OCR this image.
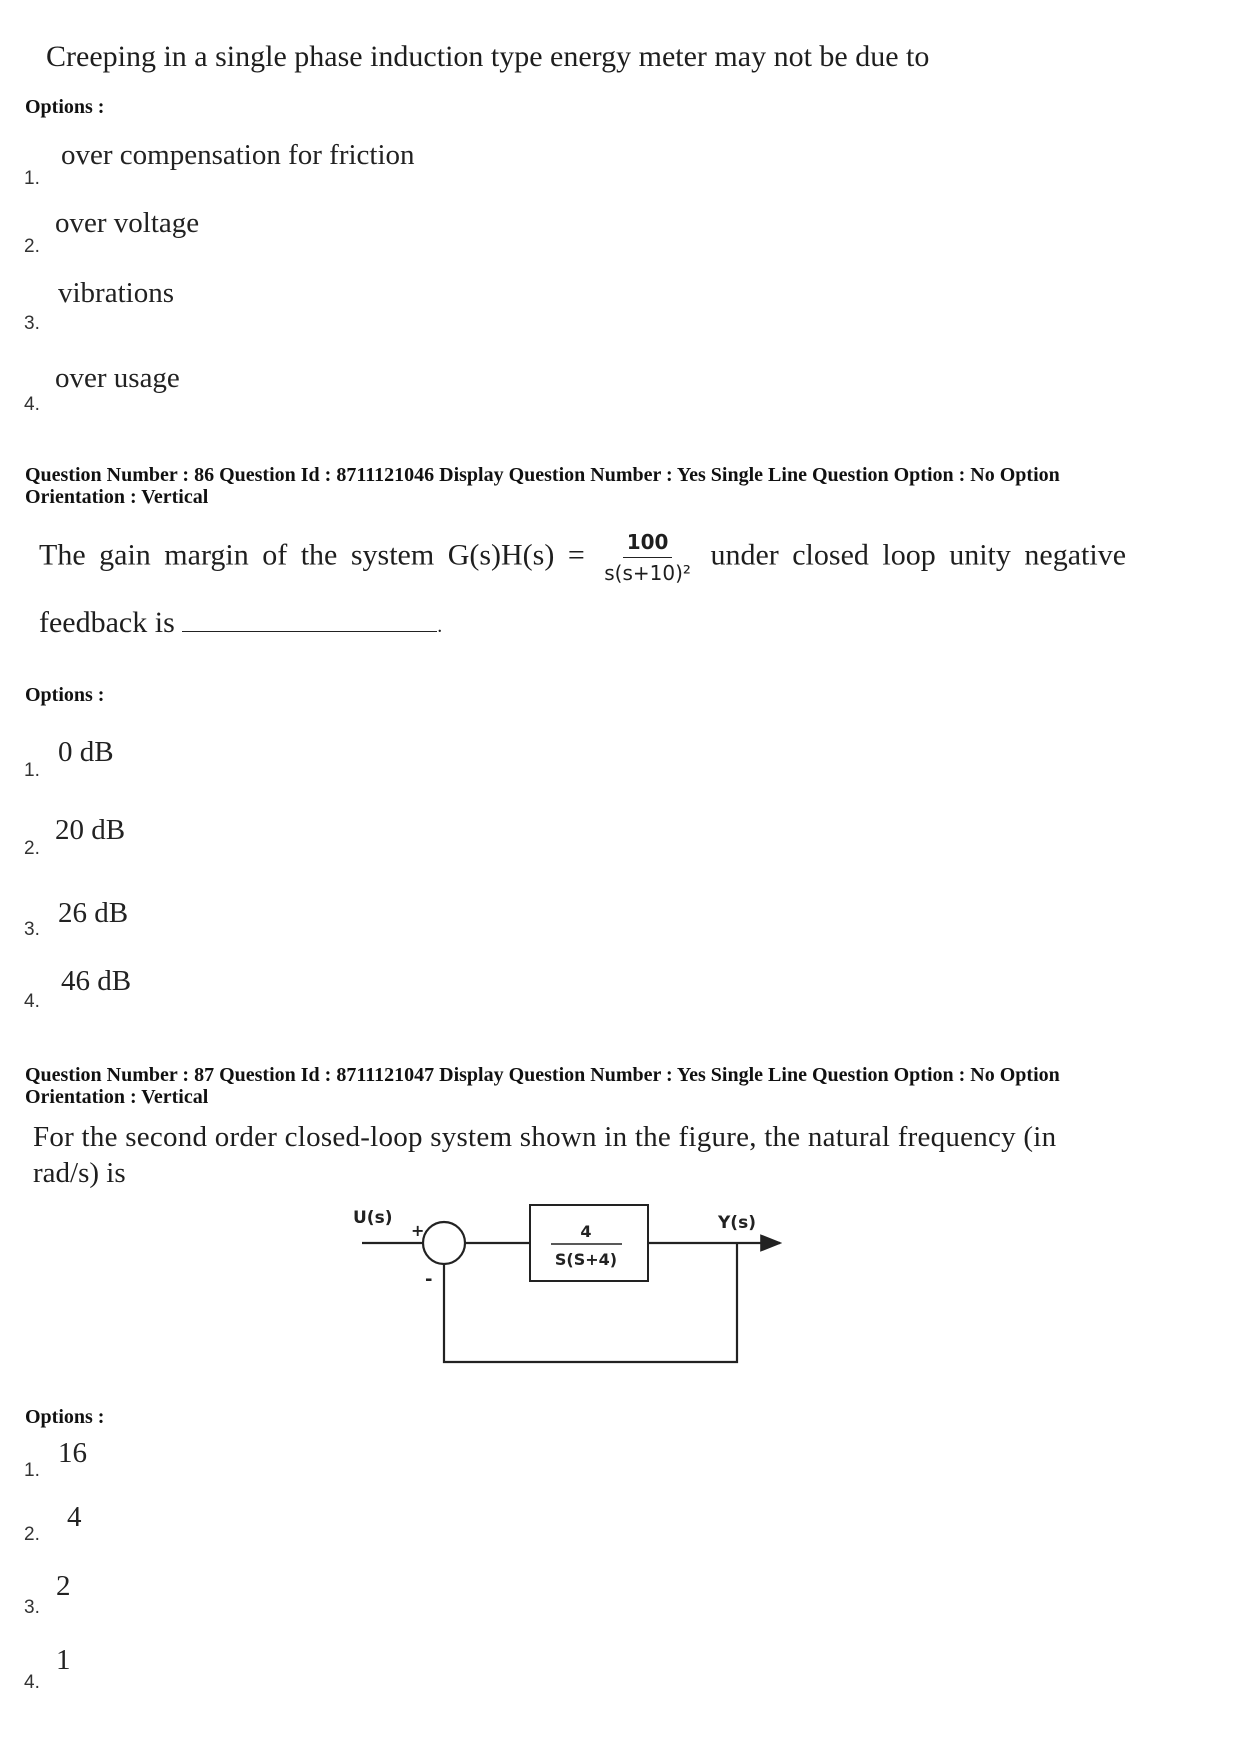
Creeping in a single phase induction type energy meter may not be due to
Options :
1.
over compensation for friction
2.
over voltage
3.
vibrations
4.
over usage
Question Number : 86 Question Id : 8711121046 Display Question Number : Yes Single Line Question Option : No Option
Orientation : Vertical
The gain margin of the system $G(s)H(s) = \frac{100}{\text{s(s+10)²}}$ under closed loop unity negative
feedback is	.
Options :
1.
0 dB
2.
20 dB
3.
26 dB
4.
46 dB
Question Number : 87 Question Id : 8711121047 Display Question Number : Yes Single Line Question Option : No Option
Orientation : Vertical
For the second order closed-loop system shown in the figure, the natural frequency (in
rad/s) is
4
S(S+4)
U(s)	Y(s)
+
-
Options :
1.
16
2.
4
3.
2
4.
1
